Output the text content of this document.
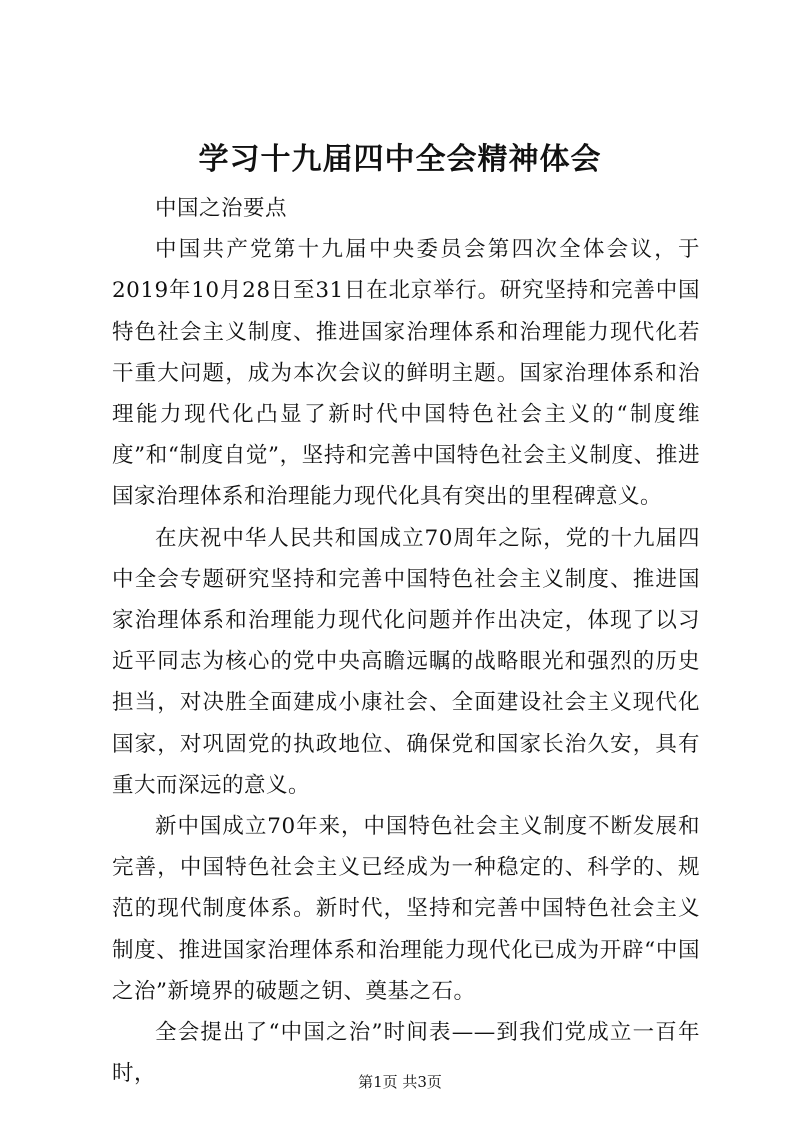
学习十九届四中全会精神体会

中国之治要点

中国共产党第十九届中央委员会第四次全体会议，于2019年10月28日至31日在北京举行。研究坚持和完善中国特色社会主义制度、推进国家治理体系和治理能力现代化若干重大问题，成为本次会议的鲜明主题。国家治理体系和治理能力现代化凸显了新时代中国特色社会主义的“制度维度”和“制度自觉”，坚持和完善中国特色社会主义制度、推进国家治理体系和治理能力现代化具有突出的里程碑意义。

在庆祝中华人民共和国成立70周年之际，党的十九届四中全会专题研究坚持和完善中国特色社会主义制度、推进国家治理体系和治理能力现代化问题并作出决定，体现了以习近平同志为核心的党中央高瞻远瞩的战略眼光和强烈的历史担当，对决胜全面建成小康社会、全面建设社会主义现代化国家，对巩固党的执政地位、确保党和国家长治久安，具有重大而深远的意义。

新中国成立70年来，中国特色社会主义制度不断发展和完善，中国特色社会主义已经成为一种稳定的、科学的、规范的现代制度体系。新时代，坚持和完善中国特色社会主义制度、推进国家治理体系和治理能力现代化已成为开辟“中国之治”新境界的破题之钥、奠基之石。

全会提出了“中国之治”时间表——到我们党成立一百年时，	第1页 共3页
